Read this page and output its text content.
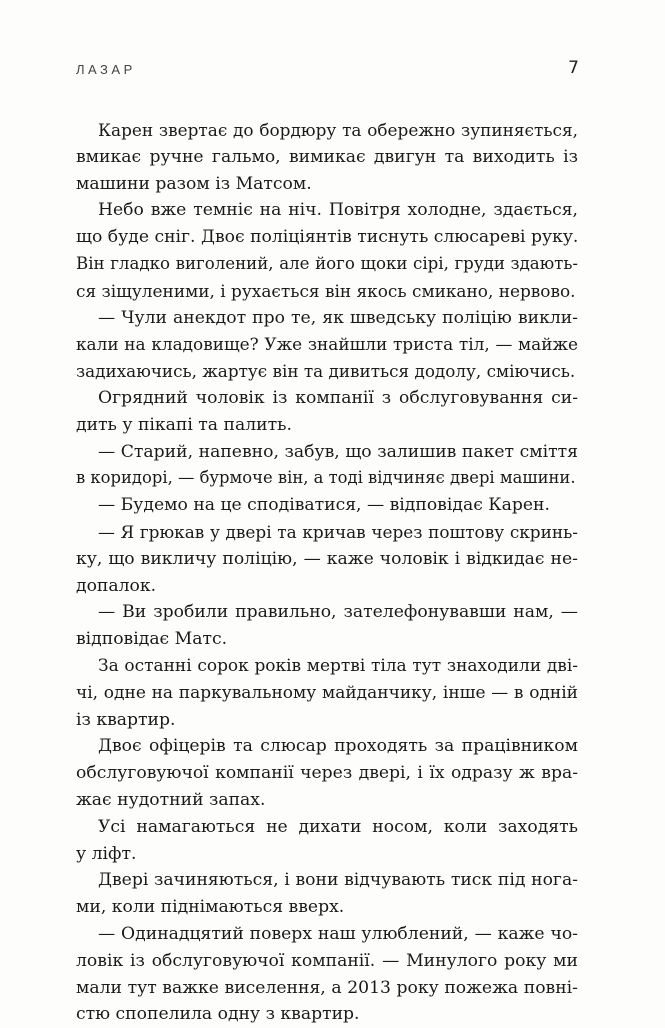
ЛАЗАР	7
Карен звертає до бордюру та обережно зупиняється,
вмикає ручне гальмо, вимикає двигун та виходить із
машини разом із Матсом.
Небо вже темніє на ніч. Повітря холодне, здається,
що буде сніг. Двоє поліціянтів тиснуть слюсареві руку.
Він гладко виголений, але його щоки сірі, груди здають-
ся зіщуленими, і рухається він якось смикано, нервово.
— Чули анекдот про те, як шведську поліцію викли-
кали на кладовище? Уже знайшли триста тіл, — майже
задихаючись, жартує він та дивиться додолу, сміючись.
Огрядний чоловік із компанії з обслуговування си-
дить у пікапі та палить.
— Старий, напевно, забув, що залишив пакет сміття
в коридорі, — бурмоче він, а тоді відчиняє двері машини.
— Будемо на це сподіватися, — відповідає Карен.
— Я грюкав у двері та кричав через поштову скринь-
ку, що викличу поліцію, — каже чоловік і відкидає не-
допалок.
— Ви зробили правильно, зателефонувавши нам, —
відповідає Матс.
За останні сорок років мертві тіла тут знаходили дві-
чі, одне на паркувальному майданчику, інше — в одній
із квартир.
Двоє офіцерів та слюсар проходять за працівником
обслуговуючої компанії через двері, і їх одразу ж вра-
жає нудотний запах.
Усі намагаються не дихати носом, коли заходять
у ліфт.
Двері зачиняються, і вони відчувають тиск під нога-
ми, коли піднімаються вверх.
— Одинадцятий поверх наш улюблений, — каже чо-
ловік із обслуговуючої компанії. — Минулого року ми
мали тут важке виселення, а 2013 року пожежа повні-
стю спопелила одну з квартир.
